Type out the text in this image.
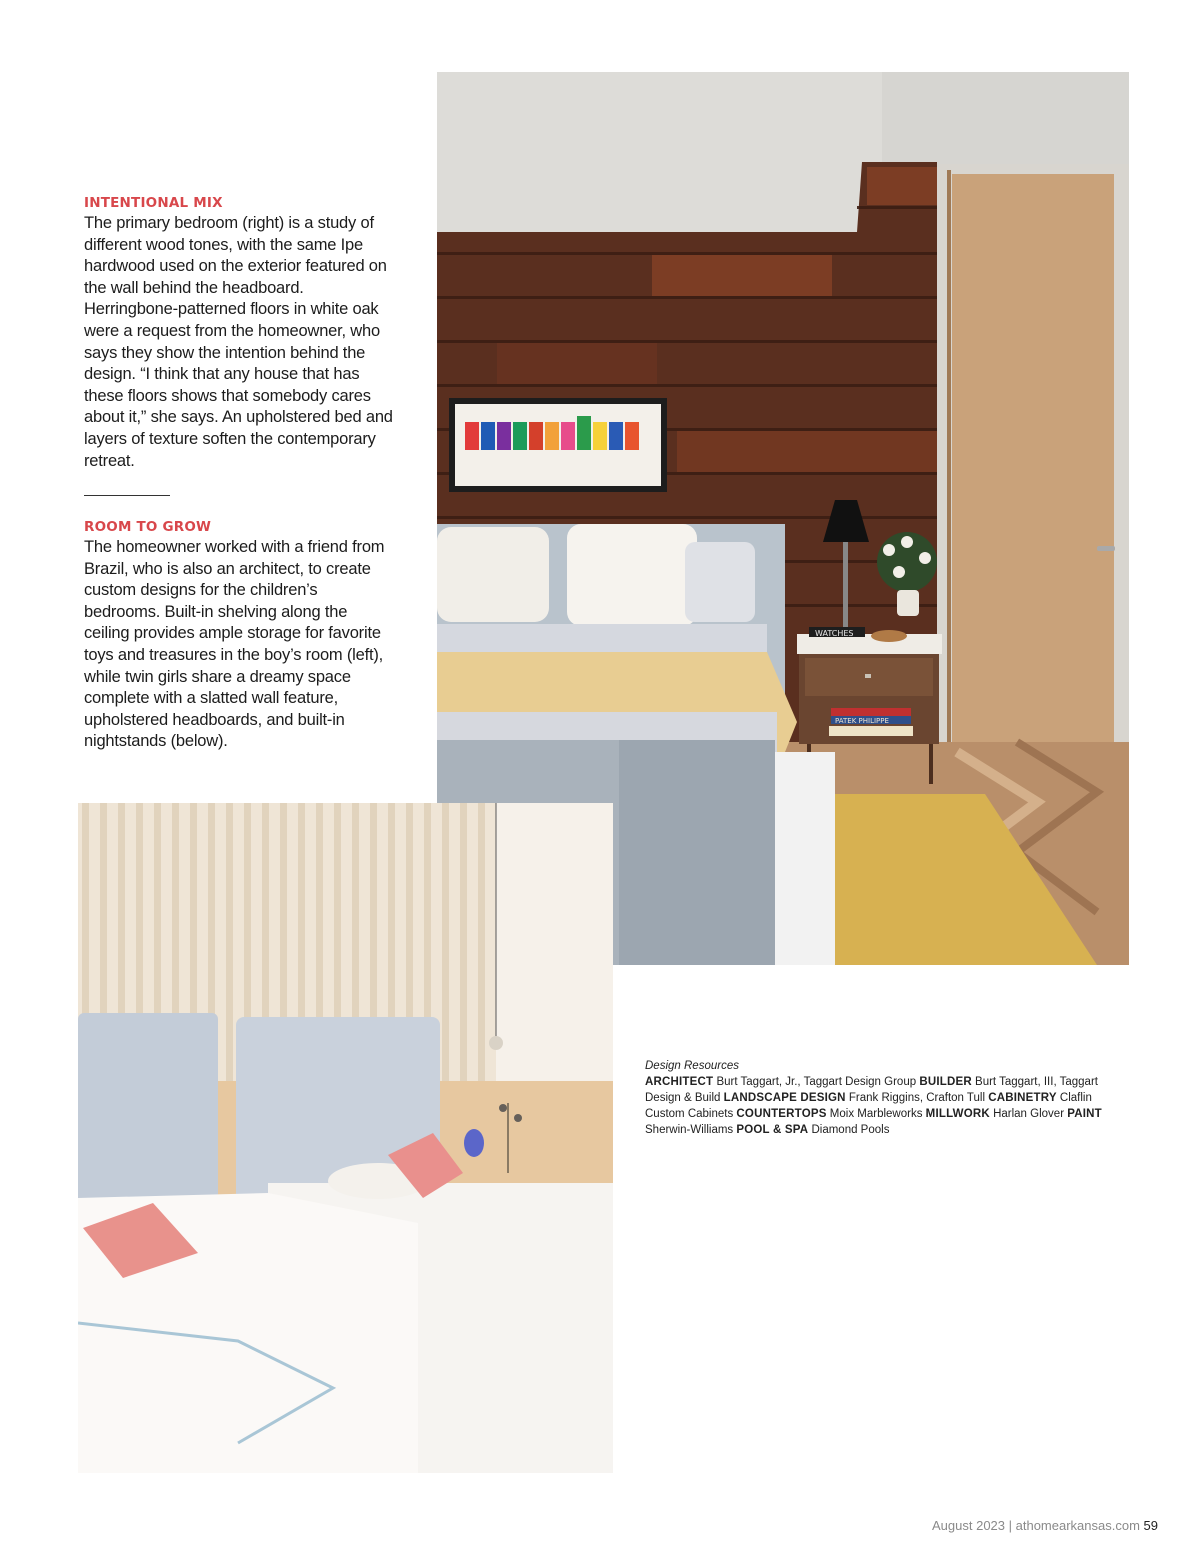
INTENTIONAL MIX

The primary bedroom (right) is a study of different wood tones, with the same Ipe hardwood used on the exterior featured on the wall behind the headboard. Herringbone-patterned floors in white oak were a request from the homeowner, who says they show the intention behind the design. “I think that any house that has these floors shows that somebody cares about it,” she says. An upholstered bed and layers of texture soften the contemporary retreat.

ROOM TO GROW

The homeowner worked with a friend from Brazil, who is also an architect, to create custom designs for the children’s bedrooms. Built-in shelving along the ceiling provides ample storage for favorite toys and treasures in the boy’s room (left), while twin girls share a dreamy space complete with a slatted wall feature, upholstered headboards, and built-in nightstands (below).

WATCHES
PATEK PHILIPPE

Design Resources

ARCHITECT Burt Taggart, Jr., Taggart Design Group BUILDER Burt Taggart, III, Taggart Design & Build LANDSCAPE DESIGN Frank Riggins, Crafton Tull CABINETRY Claflin Custom Cabinets COUNTERTOPS Moix Marbleworks MILLWORK Harlan Glover PAINT Sherwin-Williams POOL & SPA Diamond Pools

August 2023 | athomearkansas.com 59
